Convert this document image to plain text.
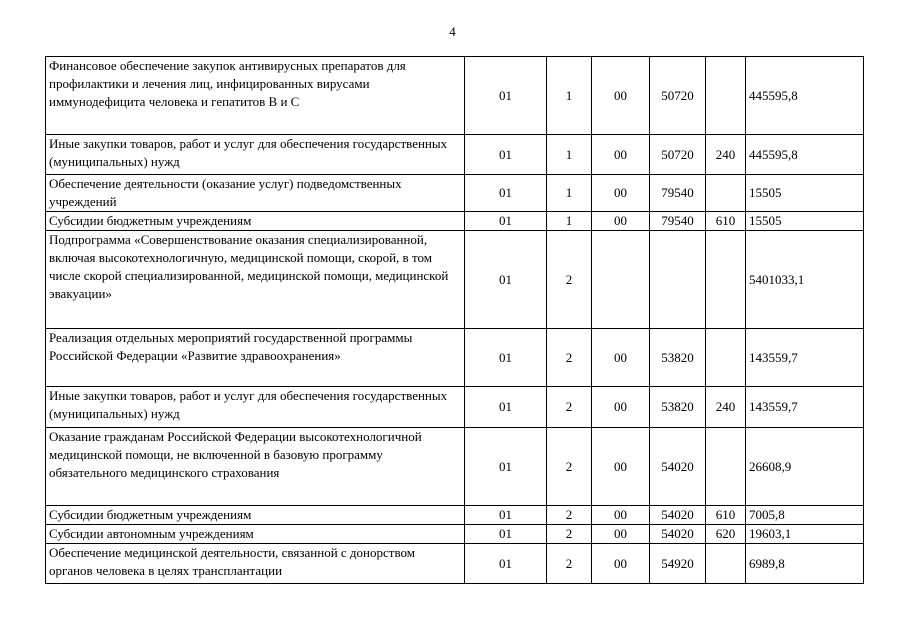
4
Финансовое обеспечение закупок антивирусных препаратов для профилактики и лечения лиц, инфицированных вирусами иммунодефицита человека и гепатитов B и C	01	1	00	50720		445595,8
Иные закупки товаров, работ и услуг для обеспечения государственных (муниципальных) нужд	01	1	00	50720	240	445595,8
Обеспечение деятельности (оказание услуг) подведомственных учреждений	01	1	00	79540		15505
Субсидии бюджетным учреждениям	01	1	00	79540	610	15505
Подпрограмма «Совершенствование оказания специализированной, включая высокотехнологичную, медицинской помощи, скорой, в том числе скорой специализированной, медицинской помощи, медицинской эвакуации»	01	2				5401033,1
Реализация отдельных мероприятий государственной программы Российской Федерации «Развитие здравоохранения»	01	2	00	53820		143559,7
Иные закупки товаров, работ и услуг для обеспечения государственных (муниципальных) нужд	01	2	00	53820	240	143559,7
Оказание гражданам Российской Федерации высокотехнологичной медицинской помощи, не включенной в базовую программу обязательного медицинского страхования	01	2	00	54020		26608,9
Субсидии бюджетным учреждениям	01	2	00	54020	610	7005,8
Субсидии автономным учреждениям	01	2	00	54020	620	19603,1
Обеспечение медицинской деятельности, связанной с донорством органов человека в целях трансплантации	01	2	00	54920		6989,8
